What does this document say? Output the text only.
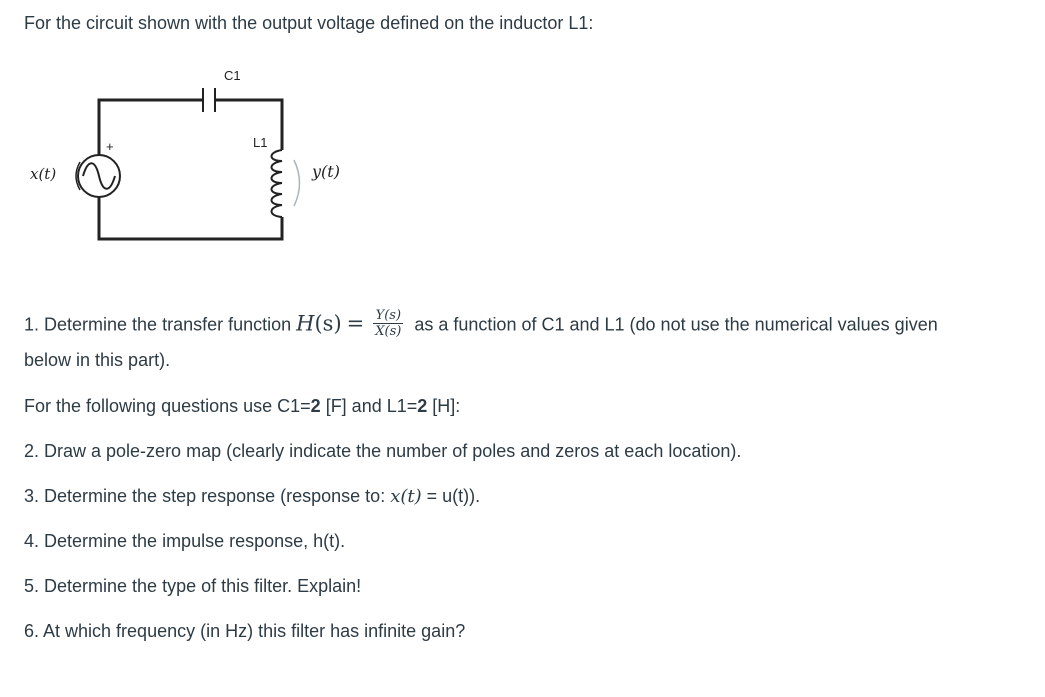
For the circuit shown with the output voltage defined on the inductor L1:
C1
L1
y(t)
+
x(t)
1. Determine the transfer function $H(s) = \frac{Y(s)}{X(s)}$ as a function of C1 and L1 (do not use the numerical values given
below in this part).
For the following questions use C1=2 [F] and L1=2 [H]:
2. Draw a pole-zero map (clearly indicate the number of poles and zeros at each location).
3. Determine the step response (response to: x(t) = u(t)).
4. Determine the impulse response, h(t).
5. Determine the type of this filter. Explain!
6. At which frequency (in Hz) this filter has infinite gain?
